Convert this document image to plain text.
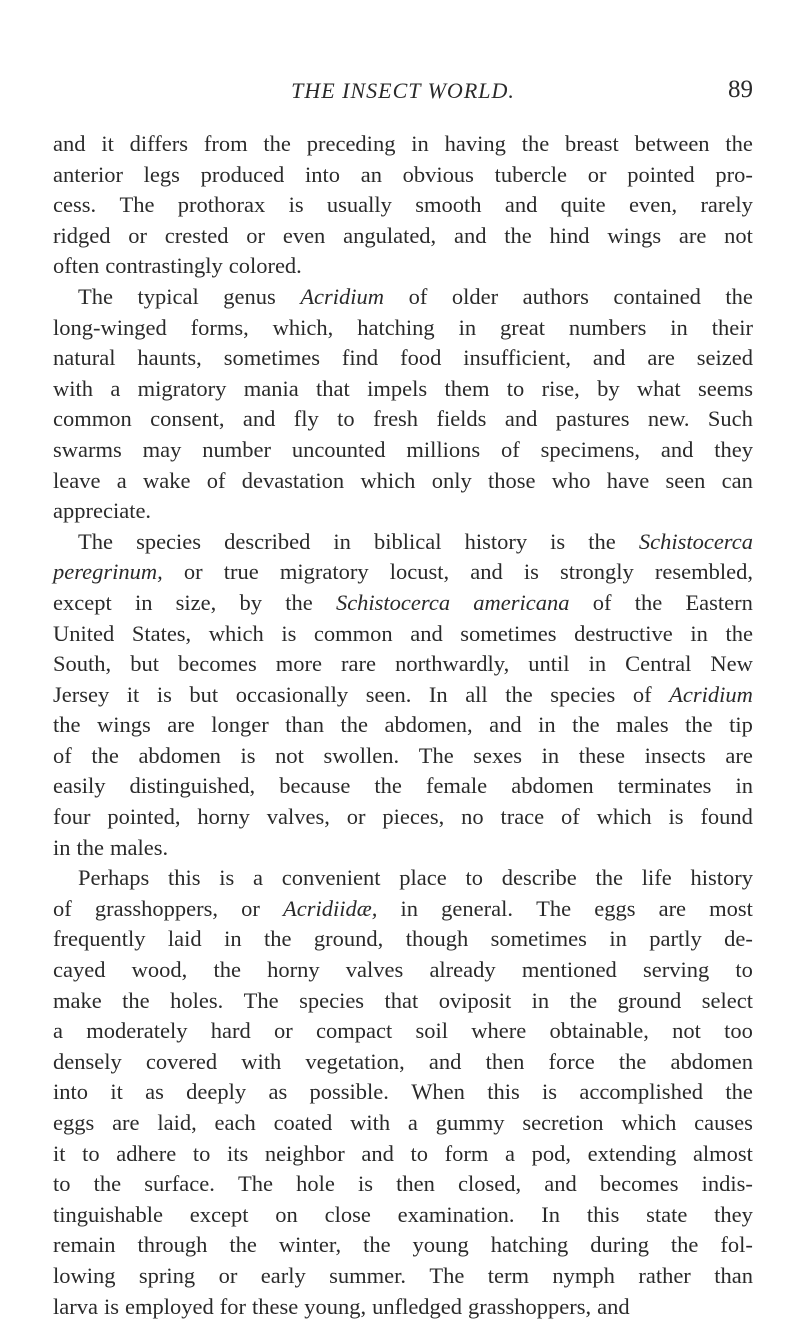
THE INSECT WORLD.	89
and it differs from the preceding in having the breast between the
anterior legs produced into an obvious tubercle or pointed pro-
cess. The prothorax is usually smooth and quite even, rarely
ridged or crested or even angulated, and the hind wings are not
often contrastingly colored.
The typical genus Acridium of older authors contained the
long-winged forms, which, hatching in great numbers in their
natural haunts, sometimes find food insufficient, and are seized
with a migratory mania that impels them to rise, by what seems
common consent, and fly to fresh fields and pastures new. Such
swarms may number uncounted millions of specimens, and they
leave a wake of devastation which only those who have seen can
appreciate.
The species described in biblical history is the Schistocerca
peregrinum, or true migratory locust, and is strongly resembled,
except in size, by the Schistocerca americana of the Eastern
United States, which is common and sometimes destructive in the
South, but becomes more rare northwardly, until in Central New
Jersey it is but occasionally seen. In all the species of Acridium
the wings are longer than the abdomen, and in the males the tip
of the abdomen is not swollen. The sexes in these insects are
easily distinguished, because the female abdomen terminates in
four pointed, horny valves, or pieces, no trace of which is found
in the males.
Perhaps this is a convenient place to describe the life history
of grasshoppers, or Acridiidæ, in general. The eggs are most
frequently laid in the ground, though sometimes in partly de-
cayed wood, the horny valves already mentioned serving to
make the holes. The species that oviposit in the ground select
a moderately hard or compact soil where obtainable, not too
densely covered with vegetation, and then force the abdomen
into it as deeply as possible. When this is accomplished the
eggs are laid, each coated with a gummy secretion which causes
it to adhere to its neighbor and to form a pod, extending almost
to the surface. The hole is then closed, and becomes indis-
tinguishable except on close examination. In this state they
remain through the winter, the young hatching during the fol-
lowing spring or early summer. The term nymph rather than
larva is employed for these young, unfledged grasshoppers, and
